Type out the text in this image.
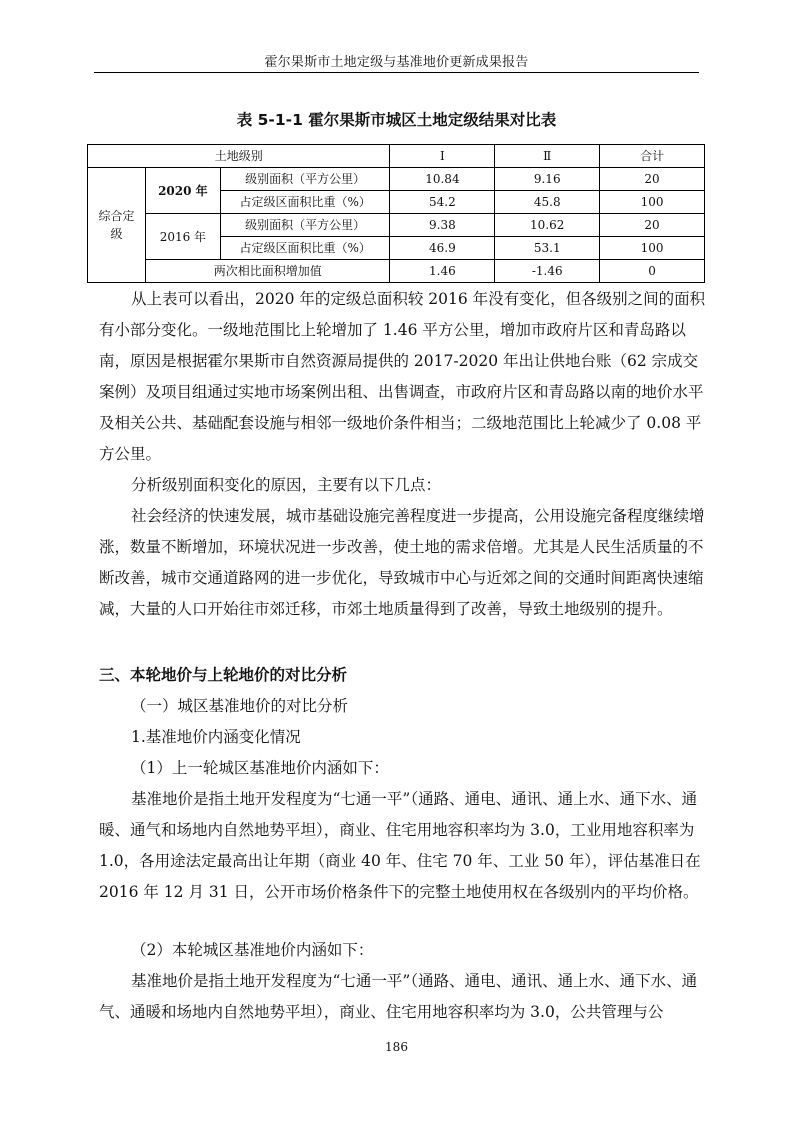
霍尔果斯市土地定级与基准地价更新成果报告
表 5-1-1 霍尔果斯市城区土地定级结果对比表
土地级别			Ⅰ	Ⅱ	合计
综合定级	2020 年	级别面积（平方公里）	10.84	9.16	20
		占定级区面积比重（%）	54.2	45.8	100
	2016 年	级别面积（平方公里）	9.38	10.62	20
		占定级区面积比重（%）	46.9	53.1	100
	两次相比面积增加值		1.46	-1.46	0

从上表可以看出，2020 年的定级总面积较 2016 年没有变化，但各级别之间的面积有小部分变化。一级地范围比上轮增加了 1.46 平方公里，增加市政府片区和青岛路以南，原因是根据霍尔果斯市自然资源局提供的 2017-2020 年出让供地台账（62 宗成交案例）及项目组通过实地市场案例出租、出售调查，市政府片区和青岛路以南的地价水平及相关公共、基础配套设施与相邻一级地价条件相当；二级地范围比上轮减少了 0.08 平方公里。

分析级别面积变化的原因，主要有以下几点：

社会经济的快速发展，城市基础设施完善程度进一步提高，公用设施完备程度继续增涨，数量不断增加，环境状况进一步改善，使土地的需求倍增。尤其是人民生活质量的不断改善，城市交通道路网的进一步优化，导致城市中心与近郊之间的交通时间距离快速缩减，大量的人口开始往市郊迁移，市郊土地质量得到了改善，导致土地级别的提升。

三、本轮地价与上轮地价的对比分析
（一）城区基准地价的对比分析
1.基准地价内涵变化情况
（1）上一轮城区基准地价内涵如下：

基准地价是指土地开发程度为“七通一平”（通路、通电、通讯、通上水、通下水、通暖、通气和场地内自然地势平坦），商业、住宅用地容积率均为 3.0，工业用地容积率为 1.0，各用途法定最高出让年期（商业 40 年、住宅 70 年、工业 50 年），评估基准日在 2016 年 12 月 31 日，公开市场价格条件下的完整土地使用权在各级别内的平均价格。

（2）本轮城区基准地价内涵如下：

基准地价是指土地开发程度为“七通一平”（通路、通电、通讯、通上水、通下水、通气、通暖和场地内自然地势平坦），商业、住宅用地容积率均为 3.0，公共管理与公

186
